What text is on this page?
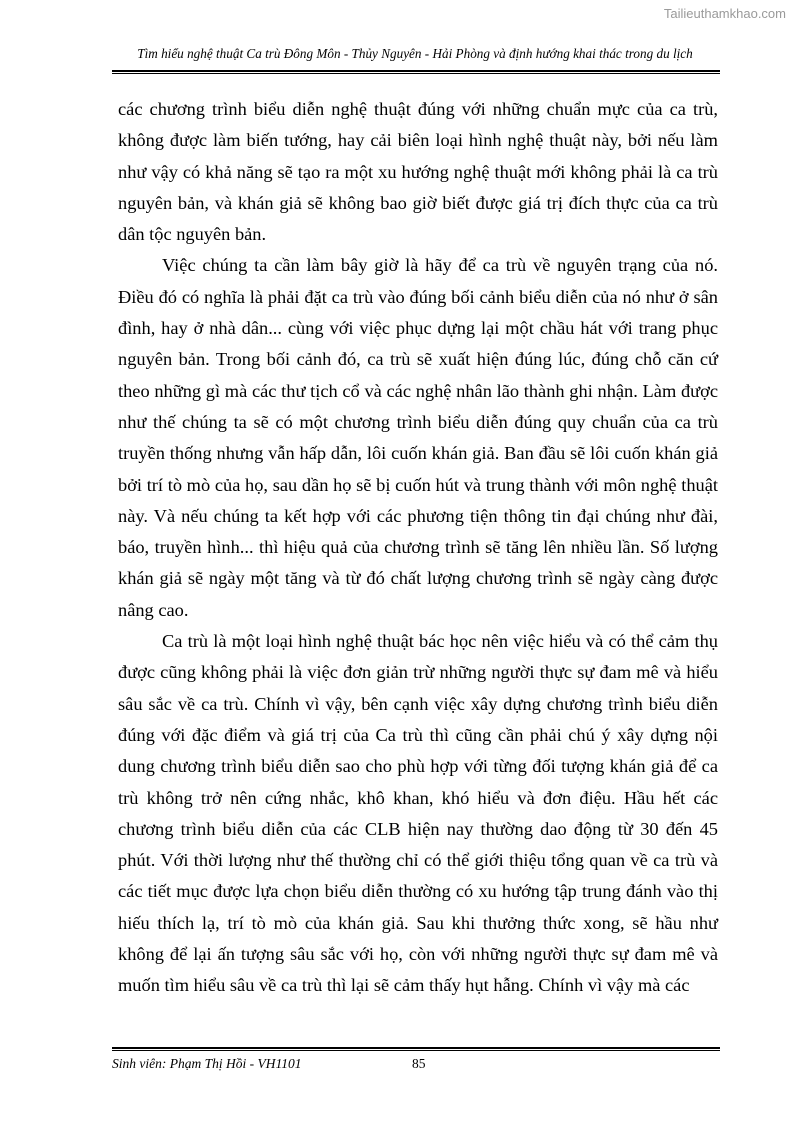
Tailieuthamkhao.com
Tìm hiểu nghệ thuật Ca trù Đông Môn - Thủy Nguyên - Hải Phòng và định hướng khai thác trong du lịch

các chương trình biểu diễn nghệ thuật đúng với những chuẩn mực của ca trù, không được làm biến tướng, hay cải biên loại hình nghệ thuật này, bởi nếu làm như vậy có khả năng sẽ tạo ra một xu hướng nghệ thuật mới không phải là ca trù nguyên bản, và khán giả sẽ không bao giờ biết được giá trị đích thực của ca trù dân tộc nguyên bản.

Việc chúng ta cần làm bây giờ là hãy để ca trù về nguyên trạng của nó. Điều đó có nghĩa là phải đặt ca trù vào đúng bối cảnh biểu diễn của nó như ở sân đình, hay ở nhà dân... cùng với việc phục dựng lại một chầu hát với trang phục nguyên bản. Trong bối cảnh đó, ca trù sẽ xuất hiện đúng lúc, đúng chỗ căn cứ theo những gì mà các thư tịch cổ và các nghệ nhân lão thành ghi nhận. Làm được như thế chúng ta sẽ có một chương trình biểu diễn đúng quy chuẩn của ca trù truyền thống nhưng vẫn hấp dẫn, lôi cuốn khán giả. Ban đầu sẽ lôi cuốn khán giả bởi trí tò mò của họ, sau dần họ sẽ bị cuốn hút và trung thành với môn nghệ thuật này. Và nếu chúng ta kết hợp với các phương tiện thông tin đại chúng như đài, báo, truyền hình... thì hiệu quả của chương trình sẽ tăng lên nhiều lần. Số lượng khán giả sẽ ngày một tăng và từ đó chất lượng chương trình sẽ ngày càng được nâng cao.

Ca trù là một loại hình nghệ thuật bác học nên việc hiểu và có thể cảm thụ được cũng không phải là việc đơn giản trừ những người thực sự đam mê và hiểu sâu sắc về ca trù. Chính vì vậy, bên cạnh việc xây dựng chương trình biểu diễn đúng với đặc điểm và giá trị của Ca trù thì cũng cần phải chú ý xây dựng nội dung chương trình biểu diễn sao cho phù hợp với từng đối tượng khán giả để ca trù không trở nên cứng nhắc, khô khan, khó hiểu và đơn điệu. Hầu hết các chương trình biểu diễn của các CLB hiện nay thường dao động từ 30 đến 45 phút. Với thời lượng như thế thường chỉ có thể giới thiệu tổng quan về ca trù và các tiết mục được lựa chọn biểu diễn thường có xu hướng tập trung đánh vào thị hiếu thích lạ, trí tò mò của khán giả. Sau khi thưởng thức xong, sẽ hầu như không để lại ấn tượng sâu sắc với họ, còn với những người thực sự đam mê và muốn tìm hiểu sâu về ca trù thì lại sẽ cảm thấy hụt hẫng. Chính vì vậy mà các

Sinh viên: Phạm Thị Hồi - VH1101	85
